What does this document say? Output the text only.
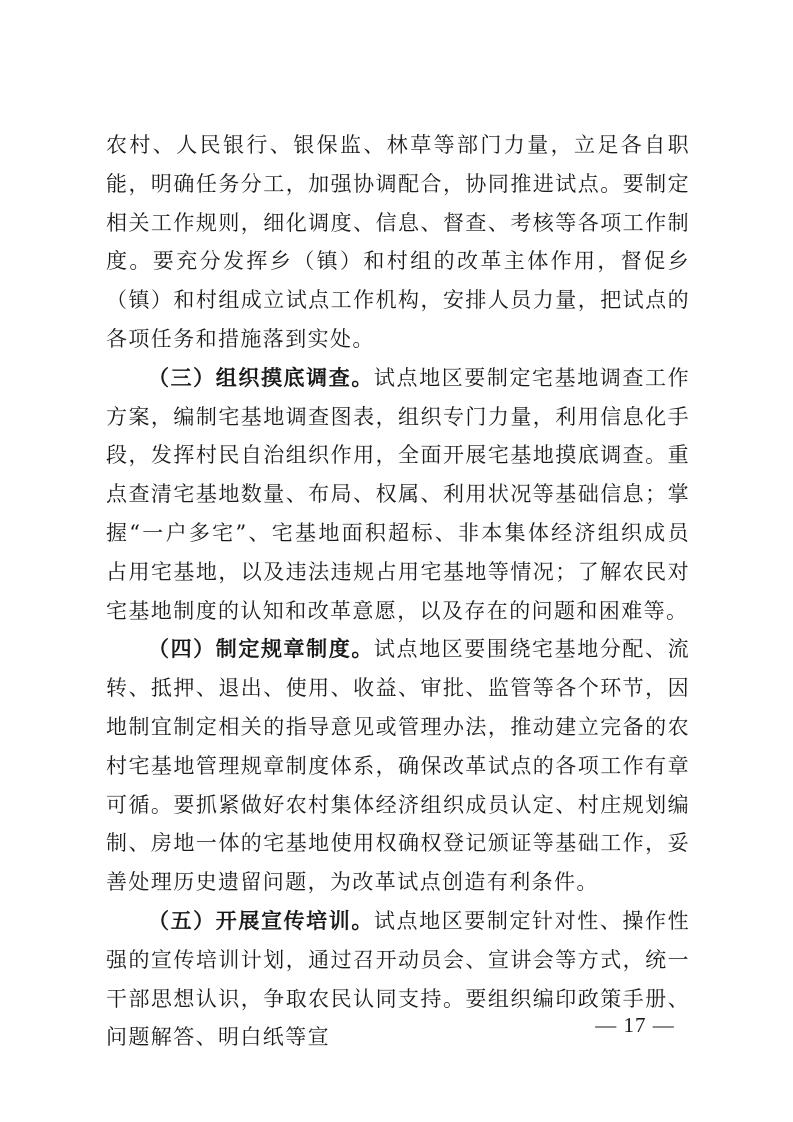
农村、人民银行、银保监、林草等部门力量，立足各自职能，明确任务分工，加强协调配合，协同推进试点。要制定相关工作规则，细化调度、信息、督查、考核等各项工作制度。要充分发挥乡（镇）和村组的改革主体作用，督促乡（镇）和村组成立试点工作机构，安排人员力量，把试点的各项任务和措施落到实处。

（三）组织摸底调查。试点地区要制定宅基地调查工作方案，编制宅基地调查图表，组织专门力量，利用信息化手段，发挥村民自治组织作用，全面开展宅基地摸底调查。重点查清宅基地数量、布局、权属、利用状况等基础信息；掌握“一户多宅”、宅基地面积超标、非本集体经济组织成员占用宅基地，以及违法违规占用宅基地等情况；了解农民对宅基地制度的认知和改革意愿，以及存在的问题和困难等。

（四）制定规章制度。试点地区要围绕宅基地分配、流转、抵押、退出、使用、收益、审批、监管等各个环节，因地制宜制定相关的指导意见或管理办法，推动建立完备的农村宅基地管理规章制度体系，确保改革试点的各项工作有章可循。要抓紧做好农村集体经济组织成员认定、村庄规划编制、房地一体的宅基地使用权确权登记颁证等基础工作，妥善处理历史遗留问题，为改革试点创造有利条件。

（五）开展宣传培训。试点地区要制定针对性、操作性强的宣传培训计划，通过召开动员会、宣讲会等方式，统一干部思想认识，争取农民认同支持。要组织编印政策手册、问题解答、明白纸等宣

— 17 —
